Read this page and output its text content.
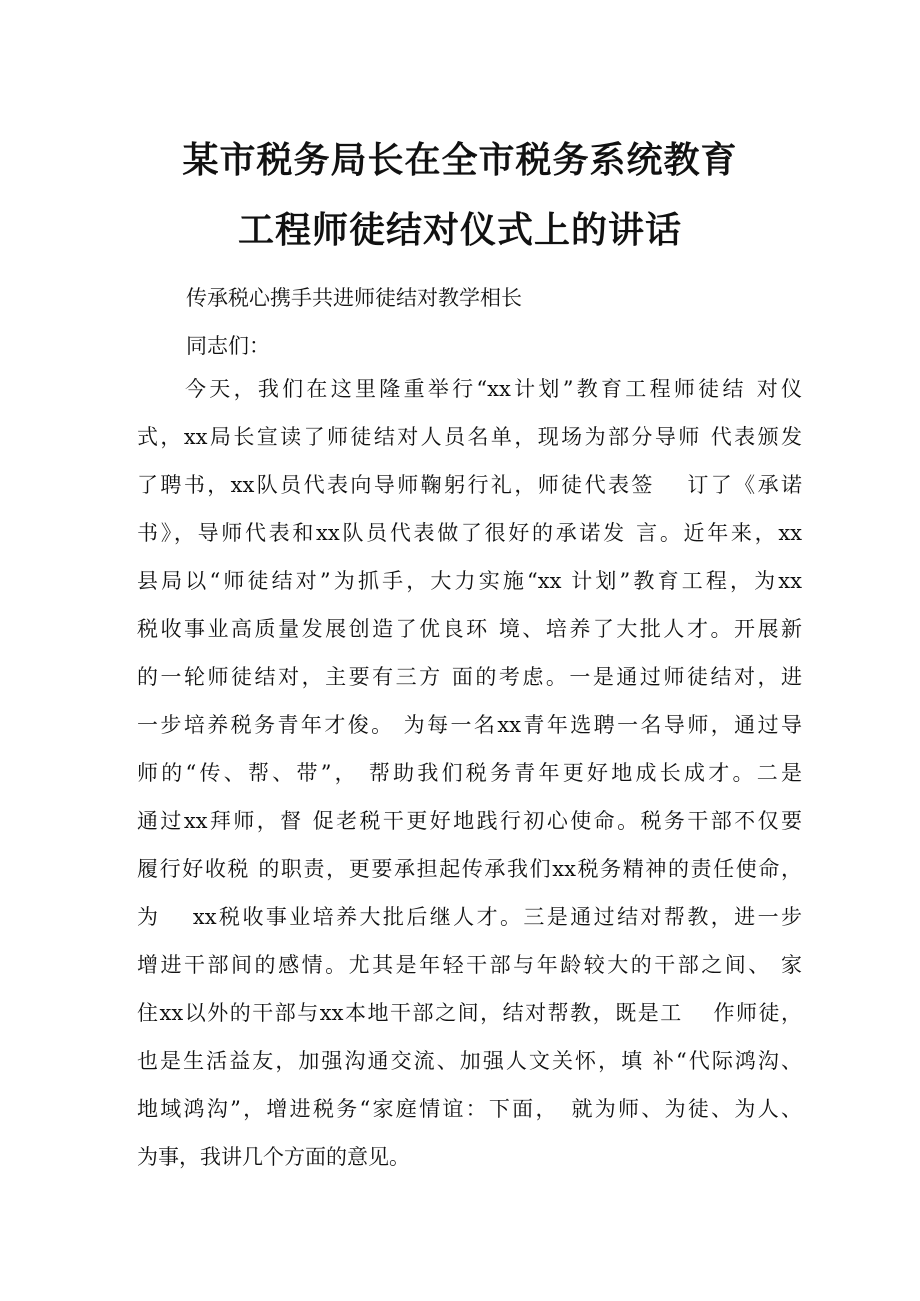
某市税务局长在全市税务系统教育
工程师徒结对仪式上的讲话
传承税心携手共进师徒结对教学相长
同志们：
今天，我们在这里隆重举行“xx计划”教育工程师徒结 对仪
式，xx局长宣读了师徒结对人员名单，现场为部分导师 代表颁发
了聘书，xx队员代表向导师鞠躬行礼，师徒代表签　 订了《承诺
书》，导师代表和xx队员代表做了很好的承诺发 言。近年来，xx
县局以“师徒结对”为抓手，大力实施“xx 计划”教育工程，为xx
税收事业高质量发展创造了优良环 境、培养了大批人才。开展新
的一轮师徒结对，主要有三方 面的考虑。一是通过师徒结对，进
一步培养税务青年才俊。 为每一名xx青年选聘一名导师，通过导
师的“传、帮、带”， 帮助我们税务青年更好地成长成才。二是
通过xx拜师，督 促老税干更好地践行初心使命。税务干部不仅要
履行好收税 的职责，更要承担起传承我们xx税务精神的责任使命，
为　 xx税收事业培养大批后继人才。三是通过结对帮教，进一步
增进干部间的感情。尤其是年轻干部与年龄较大的干部之间、 家
住xx以外的干部与xx本地干部之间，结对帮教，既是工　 作师徒，
也是生活益友，加强沟通交流、加强人文关怀，填 补“代际鸿沟、
地域鸿沟”，增进税务“家庭情谊：下面，　就为师、为徒、为人、
为事，我讲几个方面的意见。
